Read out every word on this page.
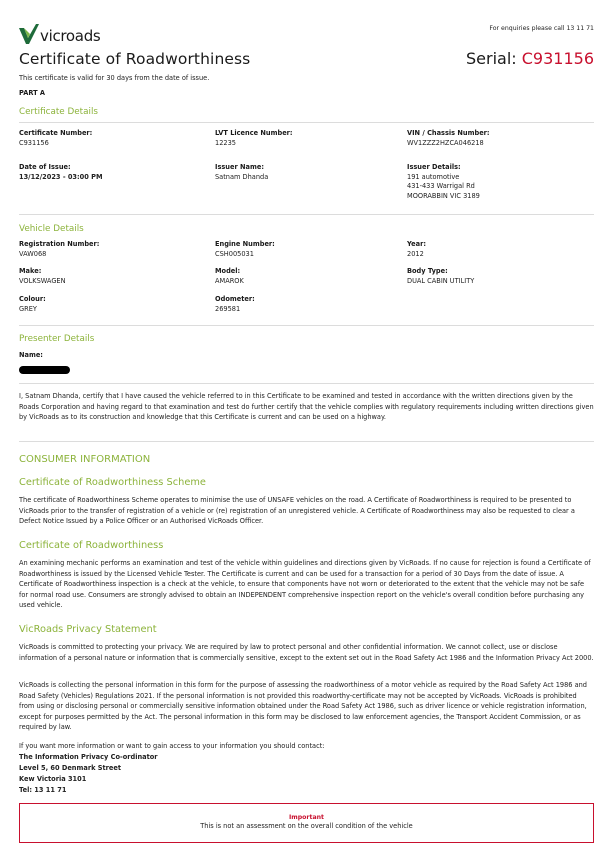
vicroads	For enquiries please call 13 11 71
Certificate of Roadworthiness	Serial: C931156
This certificate is valid for 30 days from the date of issue.
PART A
Certificate Details
Certificate Number:
C931156
LVT Licence Number:
12235
VIN / Chassis Number:
WV1ZZZ2HZCA046218
Date of Issue:
13/12/2023 - 03:00 PM
Issuer Name:
Satnam Dhanda
Issuer Details:
191 automotive
431-433 Warrigal Rd
MOORABBIN VIC 3189
Vehicle Details
Registration Number:
VAW068
Engine Number:
CSH005031
Year:
2012
Make:
VOLKSWAGEN
Model:
AMAROK
Body Type:
DUAL CABIN UTILITY
Colour:
GREY
Odometer:
269581
Presenter Details
Name:
I, Satnam Dhanda, certify that I have caused the vehicle referred to in this Certificate to be examined and tested in accordance with the written directions given by the Roads Corporation and having regard to that examination and test do further certify that the vehicle complies with regulatory requirements including written directions given by VicRoads as to its construction and knowledge that this Certificate is current and can be used on a highway.
CONSUMER INFORMATION
Certificate of Roadworthiness Scheme
The certificate of Roadworthiness Scheme operates to minimise the use of UNSAFE vehicles on the road. A Certificate of Roadworthiness is required to be presented to VicRoads prior to the transfer of registration of a vehicle or (re) registration of an unregistered vehicle. A Certificate of Roadworthiness may also be requested to clear a Defect Notice Issued by a Police Officer or an Authorised VicRoads Officer.
Certificate of Roadworthiness
An examining mechanic performs an examination and test of the vehicle within guidelines and directions given by VicRoads. If no cause for rejection is found a Certificate of Roadworthiness is issued by the Licensed Vehicle Tester. The Certificate is current and can be used for a transaction for a period of 30 Days from the date of issue. A Certificate of Roadworthiness inspection is a check at the vehicle, to ensure that components have not worn or deteriorated to the extent that the vehicle may not be safe for normal road use. Consumers are strongly advised to obtain an INDEPENDENT comprehensive inspection report on the vehicle's overall condition before purchasing any used vehicle.
VicRoads Privacy Statement
VicRoads is committed to protecting your privacy. We are required by law to protect personal and other confidential information. We cannot collect, use or disclose information of a personal nature or information that is commercially sensitive, except to the extent set out in the Road Safety Act 1986 and the Information Privacy Act 2000.
VicRoads is collecting the personal information in this form for the purpose of assessing the roadworthiness of a motor vehicle as required by the Road Safety Act 1986 and Road Safety (Vehicles) Regulations 2021. If the personal information is not provided this roadworthy-certificate may not be accepted by VicRoads. VicRoads is prohibited from using or disclosing personal or commercially sensitive information obtained under the Road Safety Act 1986, such as driver licence or vehicle registration information, except for purposes permitted by the Act. The personal information in this form may be disclosed to law enforcement agencies, the Transport Accident Commission, or as required by law.
If you want more information or want to gain access to your information you should contact:
The Information Privacy Co-ordinator
Level 5, 60 Denmark Street
Kew Victoria 3101
Tel: 13 11 71
Important
This is not an assessment on the overall condition of the vehicle
